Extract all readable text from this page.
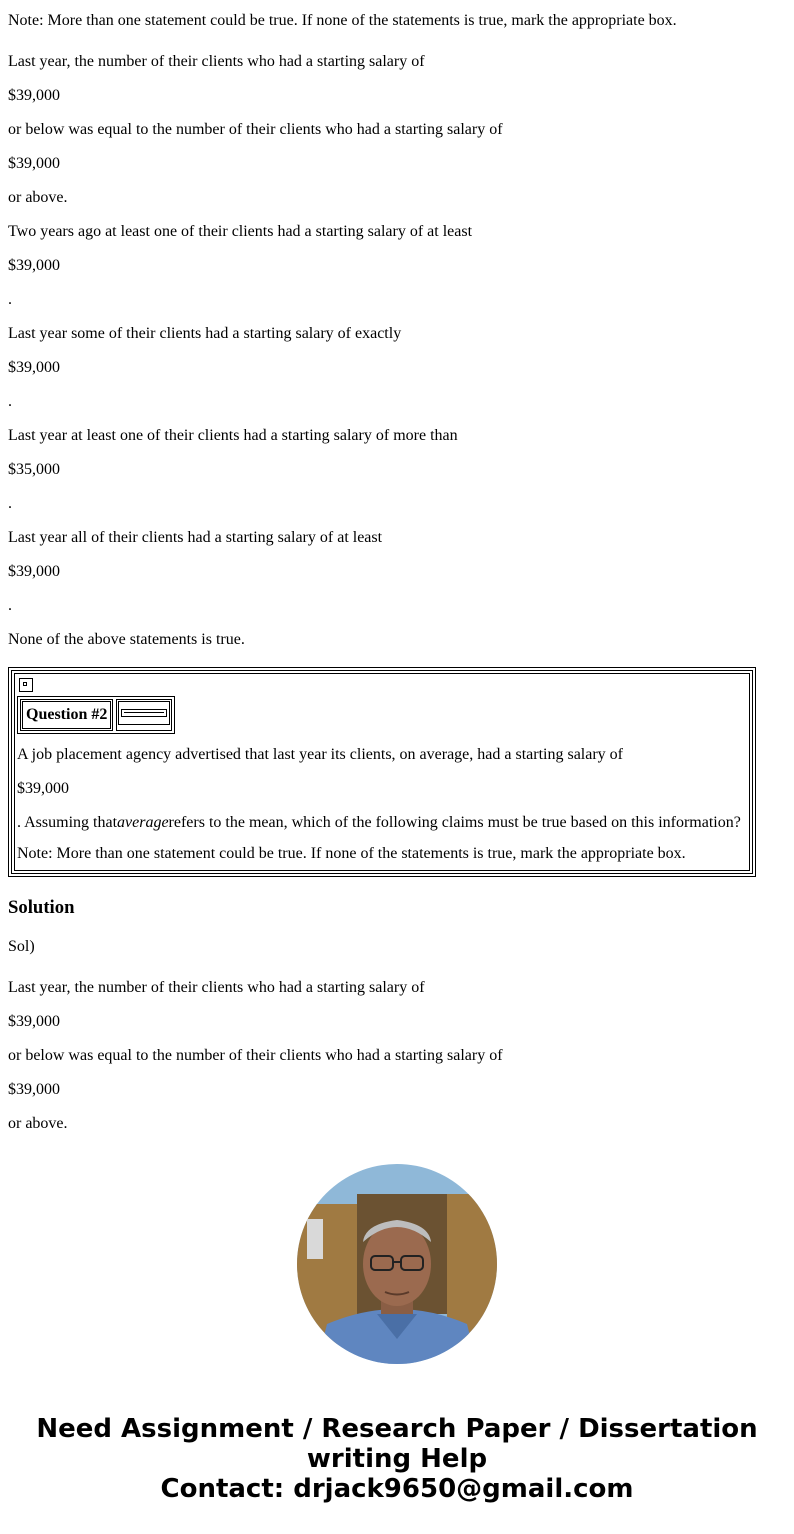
Note: More than one statement could be true. If none of the statements is true, mark the appropriate box.

Last year, the number of their clients who had a starting salary of

$39,000

or below was equal to the number of their clients who had a starting salary of

$39,000

or above.

Two years ago at least one of their clients had a starting salary of at least

$39,000

.

Last year some of their clients had a starting salary of exactly

$39,000

.

Last year at least one of their clients had a starting salary of more than

$35,000

.

Last year all of their clients had a starting salary of at least

$39,000

.

None of the above statements is true.

Question #2

A job placement agency advertised that last year its clients, on average, had a starting salary of

$39,000

. Assuming that average refers to the mean, which of the following claims must be true based on this information?

Note: More than one statement could be true. If none of the statements is true, mark the appropriate box.

Solution

Sol)

Last year, the number of their clients who had a starting salary of

$39,000

or below was equal to the number of their clients who had a starting salary of

$39,000

or above.

Need Assignment / Research Paper / Dissertation
writing Help
Contact: drjack9650@gmail.com
